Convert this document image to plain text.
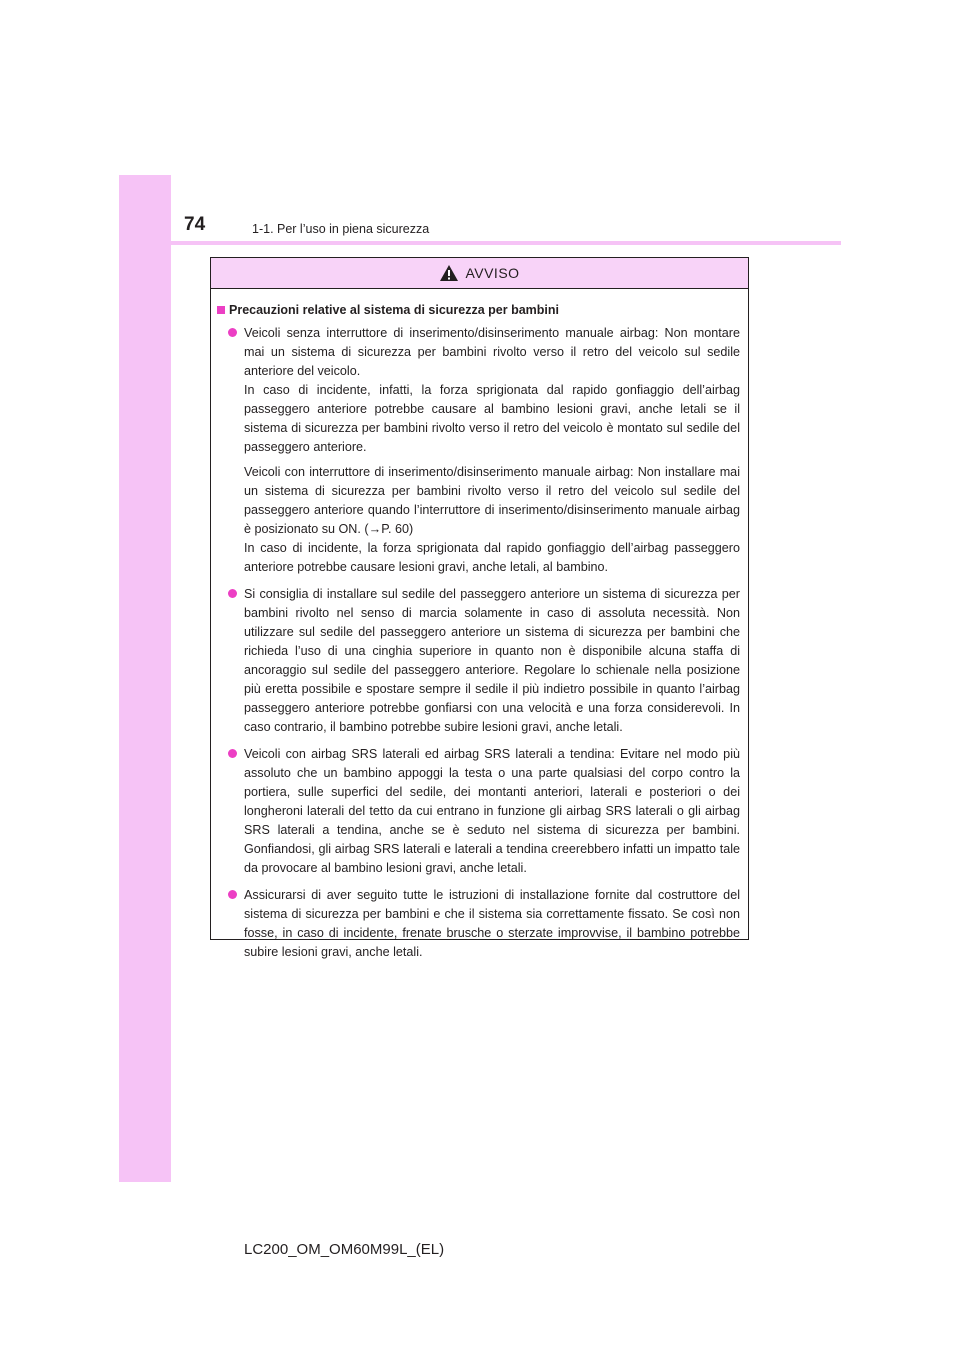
74	1-1. Per l’uso in piena sicurezza
AVVISO
Precauzioni relative al sistema di sicurezza per bambini

Veicoli senza interruttore di inserimento/disinserimento manuale airbag: Non montare mai un sistema di sicurezza per bambini rivolto verso il retro del veicolo sul sedile anteriore del veicolo.
In caso di incidente, infatti, la forza sprigionata dal rapido gonfiaggio dell’airbag passeggero anteriore potrebbe causare al bambino lesioni gravi, anche letali se il sistema di sicurezza per bambini rivolto verso il retro del veicolo è montato sul sedile del passeggero anteriore.

Veicoli con interruttore di inserimento/disinserimento manuale airbag: Non installare mai un sistema di sicurezza per bambini rivolto verso il retro del veicolo sul sedile del passeggero anteriore quando l’interruttore di inserimento/disinserimento manuale airbag è posizionato su ON. (→P. 60)
In caso di incidente, la forza sprigionata dal rapido gonfiaggio dell’airbag passeggero anteriore potrebbe causare lesioni gravi, anche letali, al bambino.

Si consiglia di installare sul sedile del passeggero anteriore un sistema di sicurezza per bambini rivolto nel senso di marcia solamente in caso di assoluta necessità. Non utilizzare sul sedile del passeggero anteriore un sistema di sicurezza per bambini che richieda l’uso di una cinghia superiore in quanto non è disponibile alcuna staffa di ancoraggio sul sedile del passeggero anteriore. Regolare lo schienale nella posizione più eretta possibile e spostare sempre il sedile il più indietro possibile in quanto l’airbag passeggero anteriore potrebbe gonfiarsi con una velocità e una forza considerevoli. In caso contrario, il bambino potrebbe subire lesioni gravi, anche letali.

Veicoli con airbag SRS laterali ed airbag SRS laterali a tendina: Evitare nel modo più assoluto che un bambino appoggi la testa o una parte qualsiasi del corpo contro la portiera, sulle superfici del sedile, dei montanti anteriori, laterali e posteriori o dei longheroni laterali del tetto da cui entrano in funzione gli airbag SRS laterali o gli airbag SRS laterali a tendina, anche se è seduto nel sistema di sicurezza per bambini. Gonfiandosi, gli airbag SRS laterali e laterali a tendina creerebbero infatti un impatto tale da provocare al bambino lesioni gravi, anche letali.

Assicurarsi di aver seguito tutte le istruzioni di installazione fornite dal costruttore del sistema di sicurezza per bambini e che il sistema sia correttamente fissato. Se così non fosse, in caso di incidente, frenate brusche o sterzate improvvise, il bambino potrebbe subire lesioni gravi, anche letali.

LC200_OM_OM60M99L_(EL)
